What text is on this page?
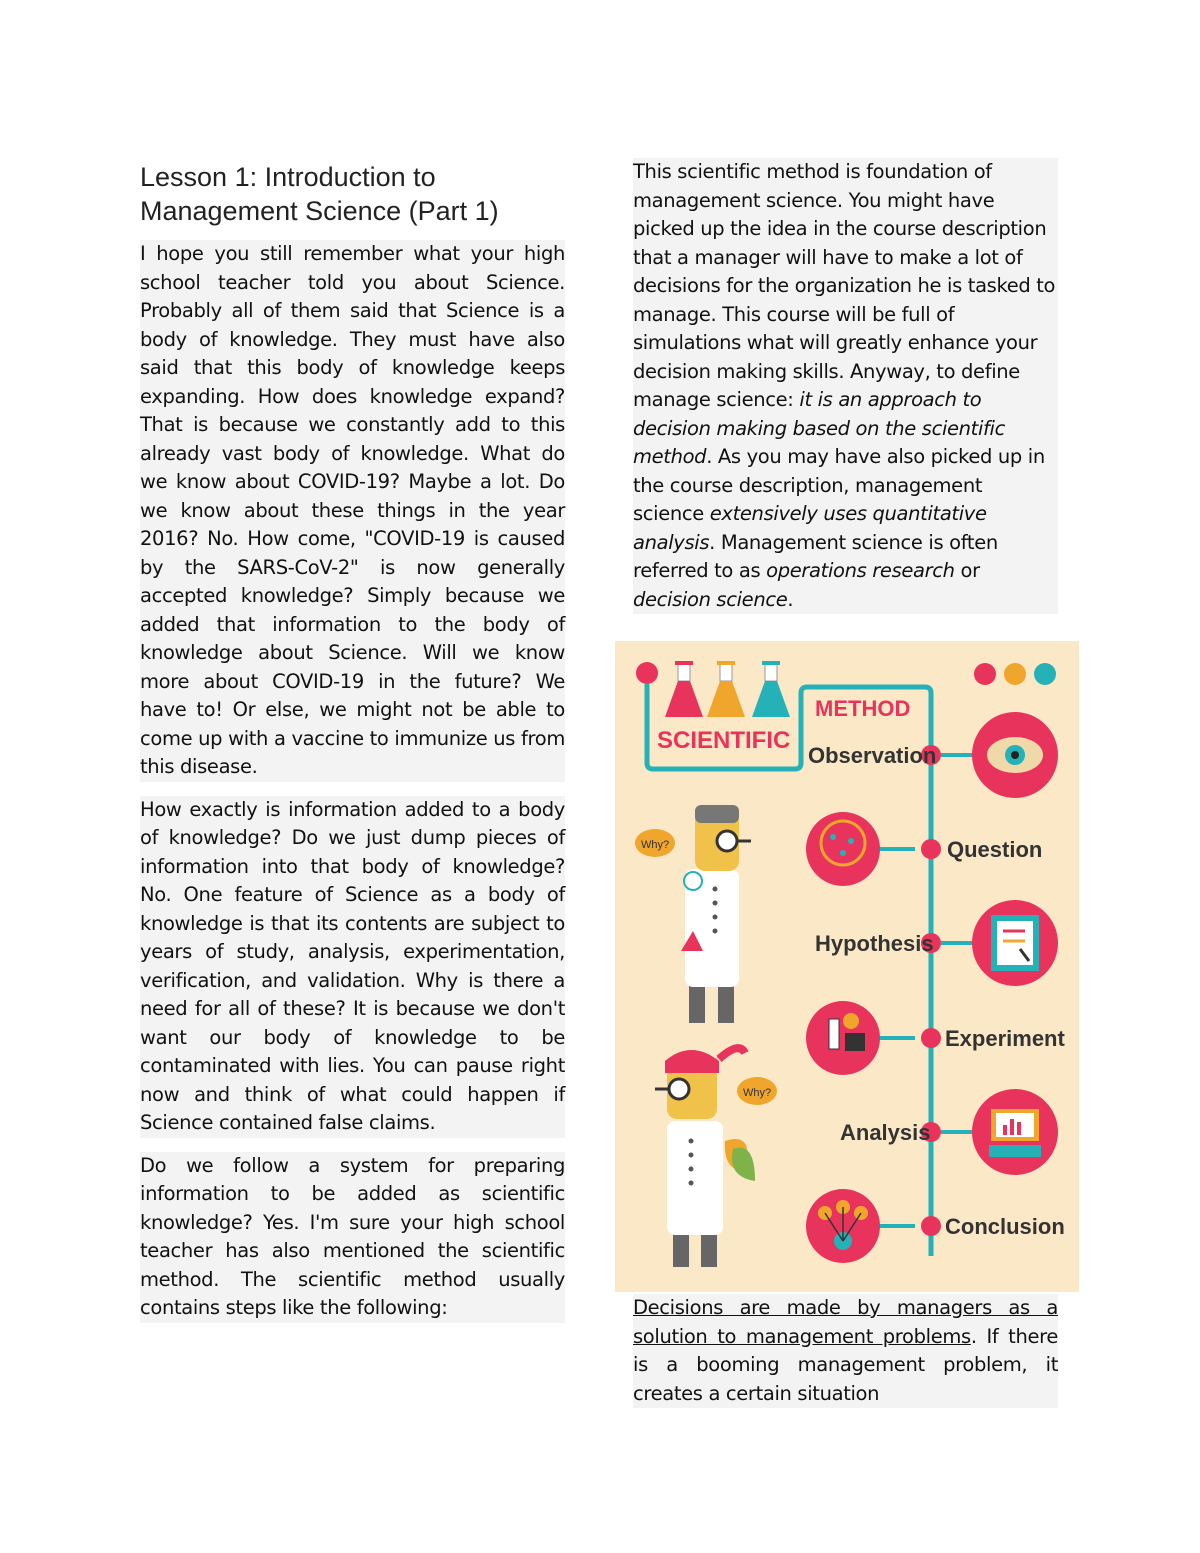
Lesson 1: Introduction to
Management Science (Part 1)

I hope you still remember what your high school teacher told you about Science. Probably all of them said that Science is a body of knowledge. They must have also said that this body of knowledge keeps expanding. How does knowledge expand? That is because we constantly add to this already vast body of knowledge. What do we know about COVID-19? Maybe a lot. Do we know about these things in the year 2016? No. How come, "COVID-19 is caused by the SARS-CoV-2" is now generally accepted knowledge? Simply because we added that information to the body of knowledge about Science. Will we know more about COVID-19 in the future? We have to! Or else, we might not be able to come up with a vaccine to immunize us from this disease.

How exactly is information added to a body of knowledge? Do we just dump pieces of information into that body of knowledge? No. One feature of Science as a body of knowledge is that its contents are subject to years of study, analysis, experimentation, verification, and validation. Why is there a need for all of these? It is because we don't want our body of knowledge to be contaminated with lies. You can pause right now and think of what could happen if Science contained false claims.

Do we follow a system for preparing information to be added as scientific knowledge? Yes. I'm sure your high school teacher has also mentioned the scientific method. The scientific method usually contains steps like the following:

This scientific method is foundation of management science. You might have picked up the idea in the course description that a manager will have to make a lot of decisions for the organization he is tasked to manage. This course will be full of simulations what will greatly enhance your decision making skills. Anyway, to define manage science: it is an approach to decision making based on the scientific method. As you may have also picked up in the course description, management science extensively uses quantitative analysis. Management science is often referred to as operations research or decision science.

METHOD
SCIENTIFIC
Observation
Question
Hypothesis
Experiment
Analysis
Conclusion
Why?
Why?

Decisions are made by managers as a solution to management problems. If there is a booming management problem, it creates a certain situation
